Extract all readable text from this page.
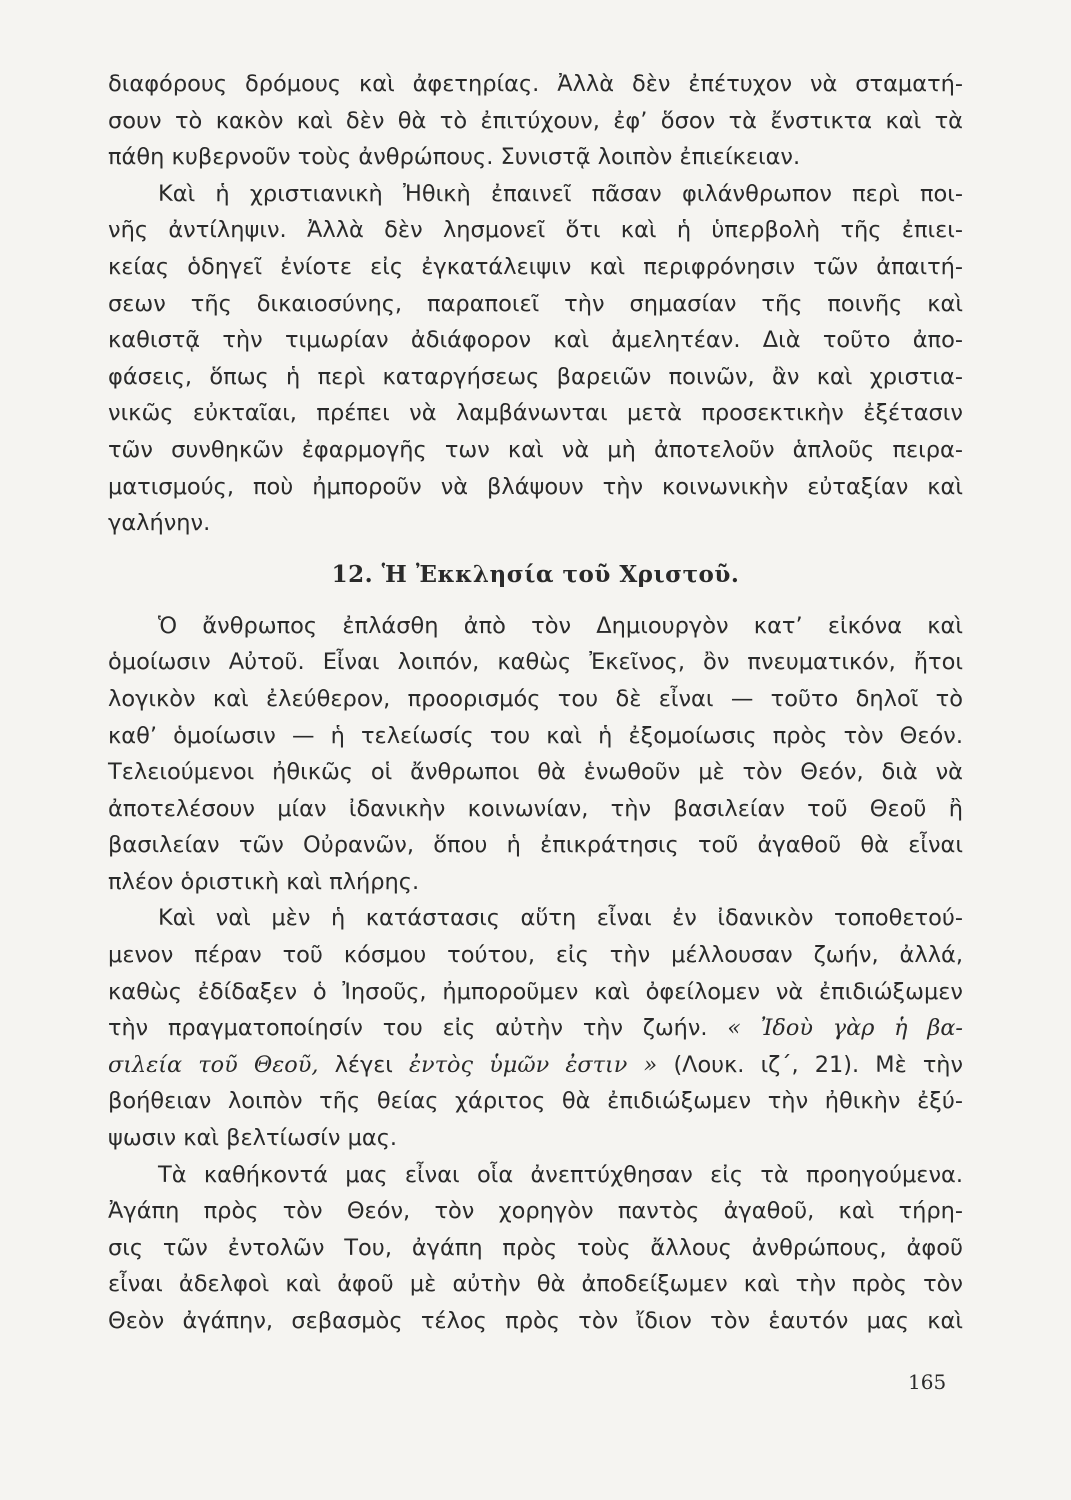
διαφόρους δρόμους καὶ ἀφετηρίας. Ἀλλὰ δὲν ἐπέτυχον νὰ σταματή-
σουν τὸ κακὸν καὶ δὲν θὰ τὸ ἐπιτύχουν, ἐφ’ ὅσον τὰ ἔνστικτα καὶ τὰ
πάθη κυβερνοῦν τοὺς ἀνθρώπους. Συνιστᾷ λοιπὸν ἐπιείκειαν.
Καὶ ἡ χριστιανικὴ Ἠθικὴ ἐπαινεῖ πᾶσαν φιλάνθρωπον περὶ ποι-
νῆς ἀντίληψιν. Ἀλλὰ δὲν λησμονεῖ ὅτι καὶ ἡ ὑπερβολὴ τῆς ἐπιει-
κείας ὁδηγεῖ ἐνίοτε εἰς ἐγκατάλειψιν καὶ περιφρόνησιν τῶν ἀπαιτή-
σεων τῆς δικαιοσύνης, παραποιεῖ τὴν σημασίαν τῆς ποινῆς καὶ
καθιστᾷ τὴν τιμωρίαν ἀδιάφορον καὶ ἀμελητέαν. Διὰ τοῦτο ἀπο-
φάσεις, ὅπως ἡ περὶ καταργήσεως βαρειῶν ποινῶν, ἂν καὶ χριστια-
νικῶς εὐκταῖαι, πρέπει νὰ λαμβάνωνται μετὰ προσεκτικὴν ἐξέτασιν
τῶν συνθηκῶν ἐφαρμογῆς των καὶ νὰ μὴ ἀποτελοῦν ἁπλοῦς πειρα-
ματισμούς, ποὺ ἠμποροῦν νὰ βλάψουν τὴν κοινωνικὴν εὐταξίαν καὶ
γαλήνην.
12. Ἡ Ἐκκλησία τοῦ Χριστοῦ.
Ὁ ἄνθρωπος ἐπλάσθη ἀπὸ τὸν Δημιουργὸν κατ’ εἰκόνα καὶ
ὁμοίωσιν Αὐτοῦ. Εἶναι λοιπόν, καθὼς Ἐκεῖνος, ὂν πνευματικόν, ἤτοι
λογικὸν καὶ ἐλεύθερον, προορισμός του δὲ εἶναι — τοῦτο δηλοῖ τὸ
καθ’ ὁμοίωσιν — ἡ τελείωσίς του καὶ ἡ ἐξομοίωσις πρὸς τὸν Θεόν.
Τελειούμενοι ἠθικῶς οἱ ἄνθρωποι θὰ ἑνωθοῦν μὲ τὸν Θεόν, διὰ νὰ
ἀποτελέσουν μίαν ἰδανικὴν κοινωνίαν, τὴν βασιλείαν τοῦ Θεοῦ ἢ
βασιλείαν τῶν Οὐρανῶν, ὅπου ἡ ἐπικράτησις τοῦ ἀγαθοῦ θὰ εἶναι
πλέον ὁριστικὴ καὶ πλήρης.
Καὶ ναὶ μὲν ἡ κατάστασις αὕτη εἶναι ἐν ἰδανικὸν τοποθετού-
μενον πέραν τοῦ κόσμου τούτου, εἰς τὴν μέλλουσαν ζωήν, ἀλλά,
καθὼς ἐδίδαξεν ὁ Ἰησοῦς, ἠμποροῦμεν καὶ ὀφείλομεν νὰ ἐπιδιώξωμεν
τὴν πραγματοποίησίν του εἰς αὐτὴν τὴν ζωήν. « Ἰδοὺ γὰρ ἡ βα-
σιλεία τοῦ Θεοῦ, λέγει ἐντὸς ὑμῶν ἐστιν » (Λουκ. ιζ΄, 21). Μὲ τὴν
βοήθειαν λοιπὸν τῆς θείας χάριτος θὰ ἐπιδιώξωμεν τὴν ἠθικὴν ἐξύ-
ψωσιν καὶ βελτίωσίν μας.
Τὰ καθήκοντά μας εἶναι οἷα ἀνεπτύχθησαν εἰς τὰ προηγούμενα.
Ἀγάπη πρὸς τὸν Θεόν, τὸν χορηγὸν παντὸς ἀγαθοῦ, καὶ τήρη-
σις τῶν ἐντολῶν Του, ἀγάπη πρὸς τοὺς ἄλλους ἀνθρώπους, ἀφοῦ
εἶναι ἀδελφοὶ καὶ ἀφοῦ μὲ αὐτὴν θὰ ἀποδείξωμεν καὶ τὴν πρὸς τὸν
Θεὸν ἀγάπην, σεβασμὸς τέλος πρὸς τὸν ἴδιον τὸν ἑαυτόν μας καὶ
165
